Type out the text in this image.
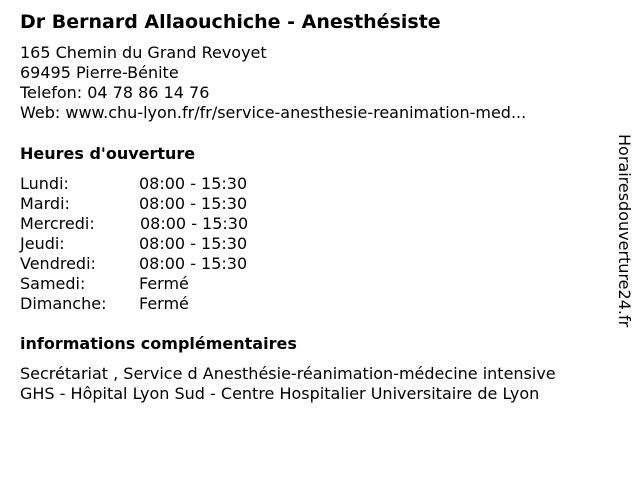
Dr Bernard Allaouchiche - Anesthésiste
165 Chemin du Grand Revoyet
69495 Pierre-Bénite
Telefon: 04 78 86 14 76
Web: www.chu-lyon.fr/fr/service-anesthesie-reanimation-med...
Heures d'ouverture
Lundi:	08:00 - 15:30
Mardi:	08:00 - 15:30
Mercredi:	08:00 - 15:30
Jeudi:	08:00 - 15:30
Vendredi:	08:00 - 15:30
Samedi:	Fermé
Dimanche: Fermé
informations complémentaires
Secrétariat , Service d Anesthésie-réanimation-médecine intensive
GHS - Hôpital Lyon Sud - Centre Hospitalier Universitaire de Lyon
Horairesdouverture24.fr
